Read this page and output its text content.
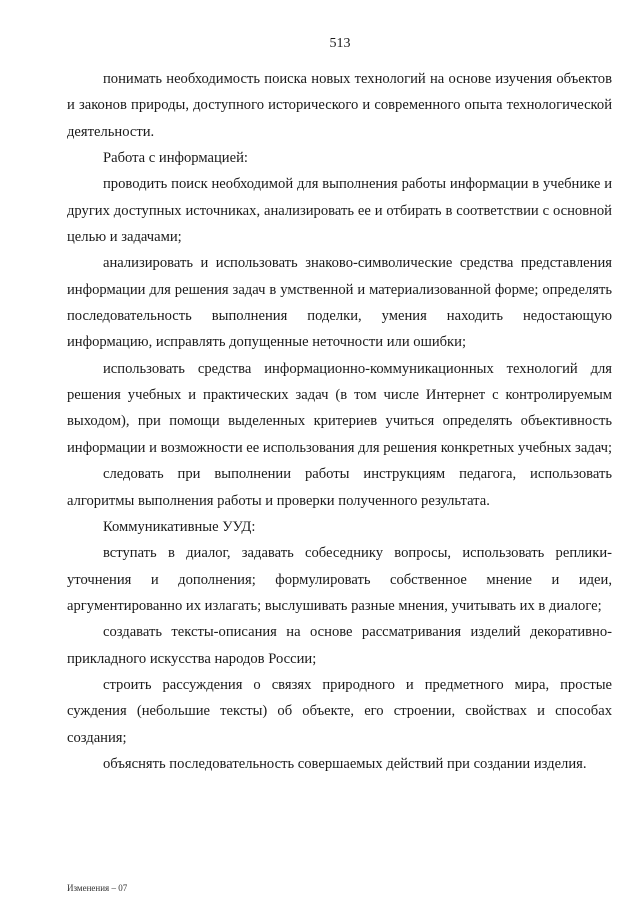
513

понимать необходимость поиска новых технологий на основе изучения объектов и законов природы, доступного исторического и современного опыта технологической деятельности.

Работа с информацией:

проводить поиск необходимой для выполнения работы информации в учебнике и других доступных источниках, анализировать ее и отбирать в соответствии с основной целью и задачами;

анализировать и использовать знаково-символические средства представления информации для решения задач в умственной и материализованной форме; определять последовательность выполнения поделки, умения находить недостающую информацию, исправлять допущенные неточности или ошибки;

использовать средства информационно-коммуникационных технологий для решения учебных и практических задач (в том числе Интернет с контролируемым выходом), при помощи выделенных критериев учиться определять объективность информации и возможности ее использования для решения конкретных учебных задач;

следовать при выполнении работы инструкциям педагога, использовать алгоритмы выполнения работы и проверки полученного результата.

Коммуникативные УУД:

вступать в диалог, задавать собеседнику вопросы, использовать реплики-уточнения и дополнения; формулировать собственное мнение и идеи, аргументированно их излагать; выслушивать разные мнения, учитывать их в диалоге;

создавать тексты-описания на основе рассматривания изделий декоративно-прикладного искусства народов России;

строить рассуждения о связях природного и предметного мира, простые суждения (небольшие тексты) об объекте, его строении, свойствах и способах создания;

объяснять последовательность совершаемых действий при создании изделия.

Изменения – 07
